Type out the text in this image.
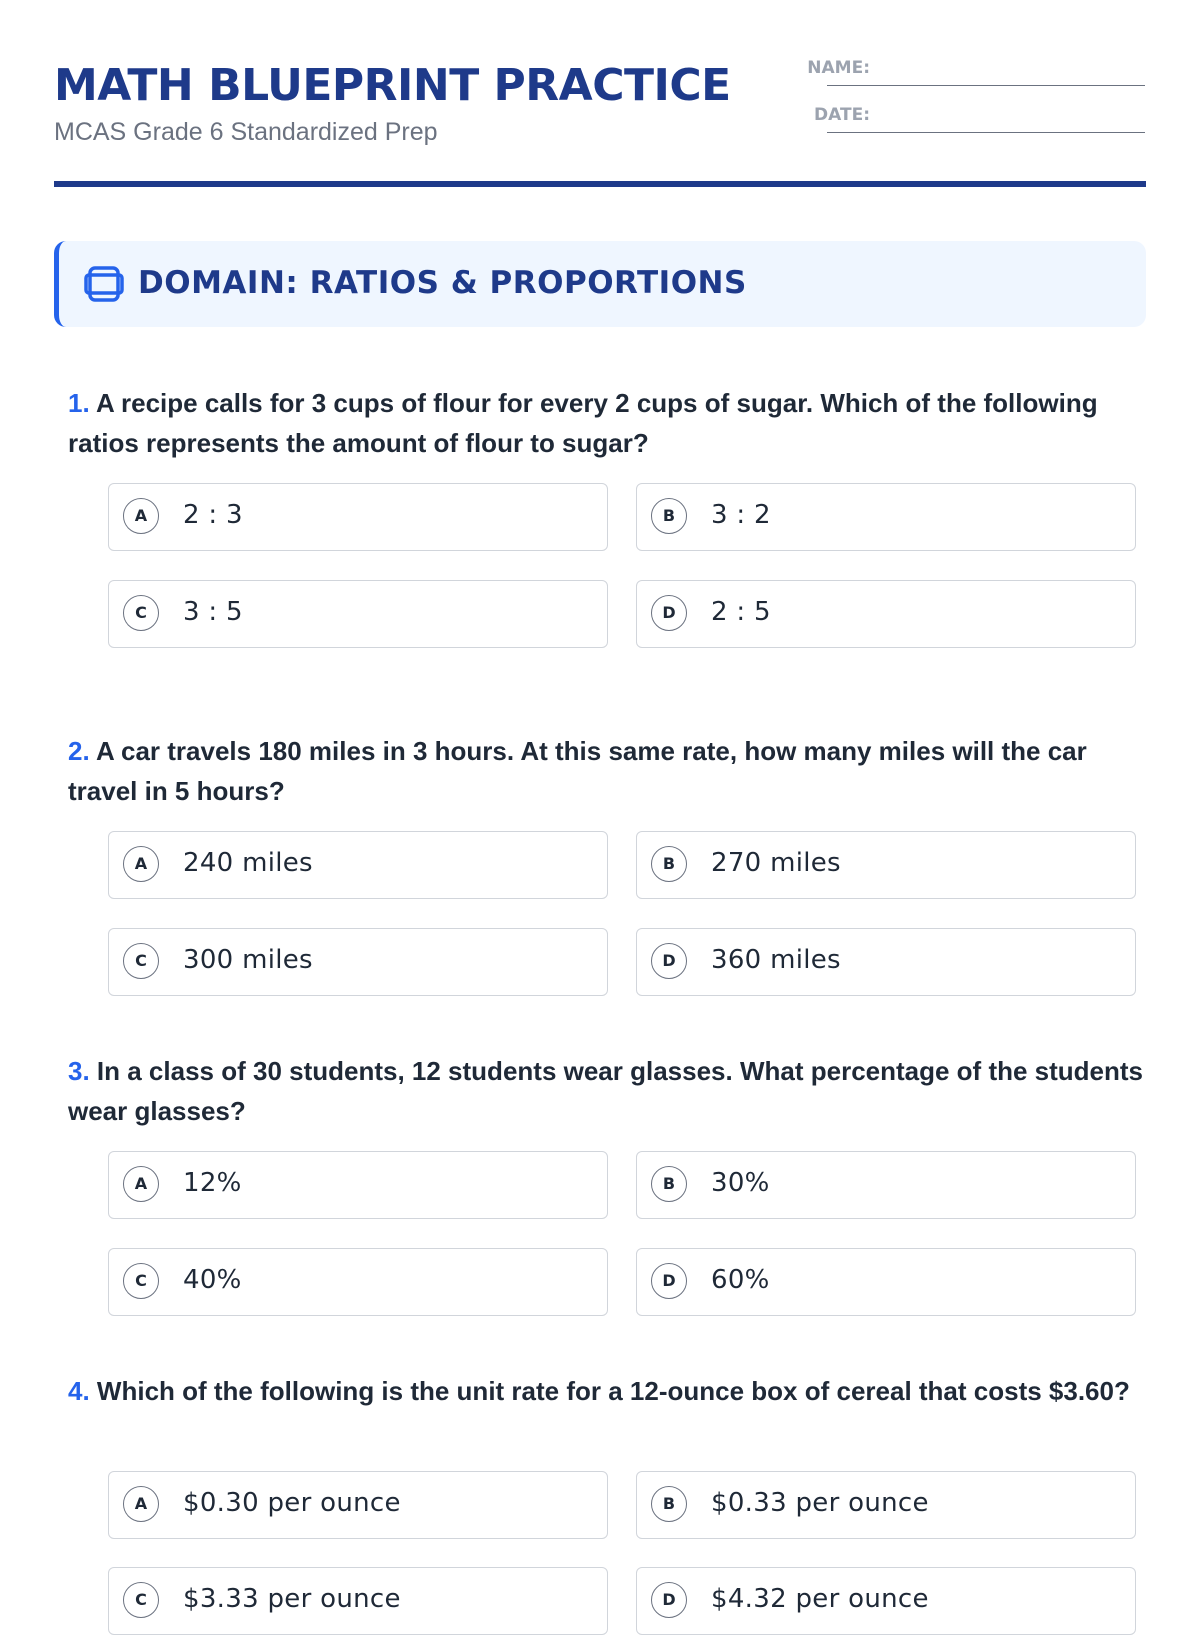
MATH BLUEPRINT PRACTICE
MCAS Grade 6 Standardized Prep
NAME:
DATE:
DOMAIN: RATIOS & PROPORTIONS

1. A recipe calls for 3 cups of flour for every 2 cups of sugar. Which of the following ratios represents the amount of flour to sugar?

A	2 : 3	B	3 : 2
C	3 : 5	D	2 : 5

2. A car travels 180 miles in 3 hours. At this same rate, how many miles will the car travel in 5 hours?

A	240 miles	B	270 miles
C	300 miles	D	360 miles

3. In a class of 30 students, 12 students wear glasses. What percentage of the students wear glasses?

A	12%	B	30%
C	40%	D	60%

4. Which of the following is the unit rate for a 12-ounce box of cereal that costs $3.60?

A	$0.30 per ounce	B	$0.33 per ounce
C	$3.33 per ounce	D	$4.32 per ounce
